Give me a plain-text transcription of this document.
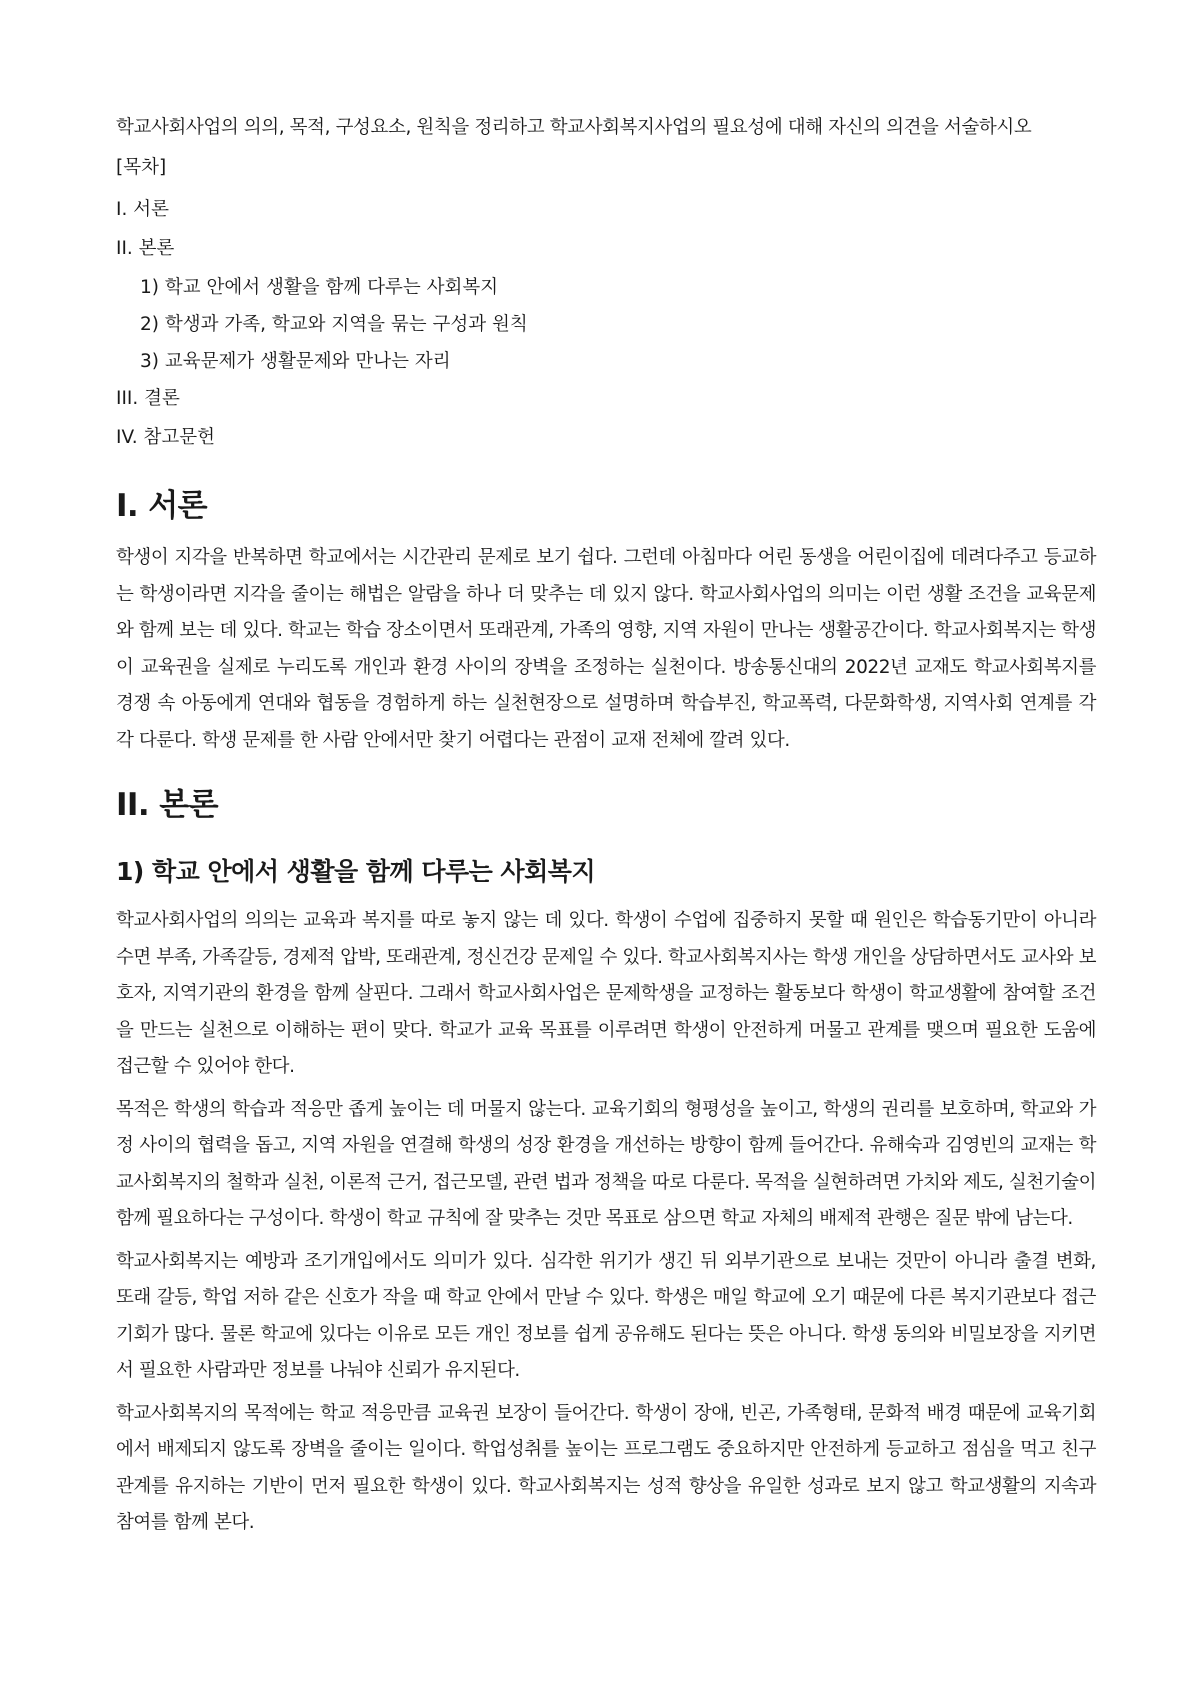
학교사회사업의 의의, 목적, 구성요소, 원칙을 정리하고 학교사회복지사업의 필요성에 대해 자신의 의견을 서술하시오

[목차]

I. 서론
II. 본론
1) 학교 안에서 생활을 함께 다루는 사회복지
2) 학생과 가족, 학교와 지역을 묶는 구성과 원칙
3) 교육문제가 생활문제와 만나는 자리
III. 결론
IV. 참고문헌
I. 서론

학생이 지각을 반복하면 학교에서는 시간관리 문제로 보기 쉽다. 그런데 아침마다 어린 동생을 어린이집에 데려다주고 등교하는 학생이라면 지각을 줄이는 해법은 알람을 하나 더 맞추는 데 있지 않다. 학교사회사업의 의미는 이런 생활 조건을 교육문제와 함께 보는 데 있다. 학교는 학습 장소이면서 또래관계, 가족의 영향, 지역 자원이 만나는 생활공간이다. 학교사회복지는 학생이 교육권을 실제로 누리도록 개인과 환경 사이의 장벽을 조정하는 실천이다. 방송통신대의 2022년 교재도 학교사회복지를 경쟁 속 아동에게 연대와 협동을 경험하게 하는 실천현장으로 설명하며 학습부진, 학교폭력, 다문화학생, 지역사회 연계를 각각 다룬다. 학생 문제를 한 사람 안에서만 찾기 어렵다는 관점이 교재 전체에 깔려 있다.

II. 본론
1) 학교 안에서 생활을 함께 다루는 사회복지

학교사회사업의 의의는 교육과 복지를 따로 놓지 않는 데 있다. 학생이 수업에 집중하지 못할 때 원인은 학습동기만이 아니라 수면 부족, 가족갈등, 경제적 압박, 또래관계, 정신건강 문제일 수 있다. 학교사회복지사는 학생 개인을 상담하면서도 교사와 보호자, 지역기관의 환경을 함께 살핀다. 그래서 학교사회사업은 문제학생을 교정하는 활동보다 학생이 학교생활에 참여할 조건을 만드는 실천으로 이해하는 편이 맞다. 학교가 교육 목표를 이루려면 학생이 안전하게 머물고 관계를 맺으며 필요한 도움에 접근할 수 있어야 한다.

목적은 학생의 학습과 적응만 좁게 높이는 데 머물지 않는다. 교육기회의 형평성을 높이고, 학생의 권리를 보호하며, 학교와 가정 사이의 협력을 돕고, 지역 자원을 연결해 학생의 성장 환경을 개선하는 방향이 함께 들어간다. 유해숙과 김영빈의 교재는 학교사회복지의 철학과 실천, 이론적 근거, 접근모델, 관련 법과 정책을 따로 다룬다. 목적을 실현하려면 가치와 제도, 실천기술이 함께 필요하다는 구성이다. 학생이 학교 규칙에 잘 맞추는 것만 목표로 삼으면 학교 자체의 배제적 관행은 질문 밖에 남는다.

학교사회복지는 예방과 조기개입에서도 의미가 있다. 심각한 위기가 생긴 뒤 외부기관으로 보내는 것만이 아니라 출결 변화, 또래 갈등, 학업 저하 같은 신호가 작을 때 학교 안에서 만날 수 있다. 학생은 매일 학교에 오기 때문에 다른 복지기관보다 접근 기회가 많다. 물론 학교에 있다는 이유로 모든 개인 정보를 쉽게 공유해도 된다는 뜻은 아니다. 학생 동의와 비밀보장을 지키면서 필요한 사람과만 정보를 나눠야 신뢰가 유지된다.

학교사회복지의 목적에는 학교 적응만큼 교육권 보장이 들어간다. 학생이 장애, 빈곤, 가족형태, 문화적 배경 때문에 교육기회에서 배제되지 않도록 장벽을 줄이는 일이다. 학업성취를 높이는 프로그램도 중요하지만 안전하게 등교하고 점심을 먹고 친구 관계를 유지하는 기반이 먼저 필요한 학생이 있다. 학교사회복지는 성적 향상을 유일한 성과로 보지 않고 학교생활의 지속과 참여를 함께 본다.
